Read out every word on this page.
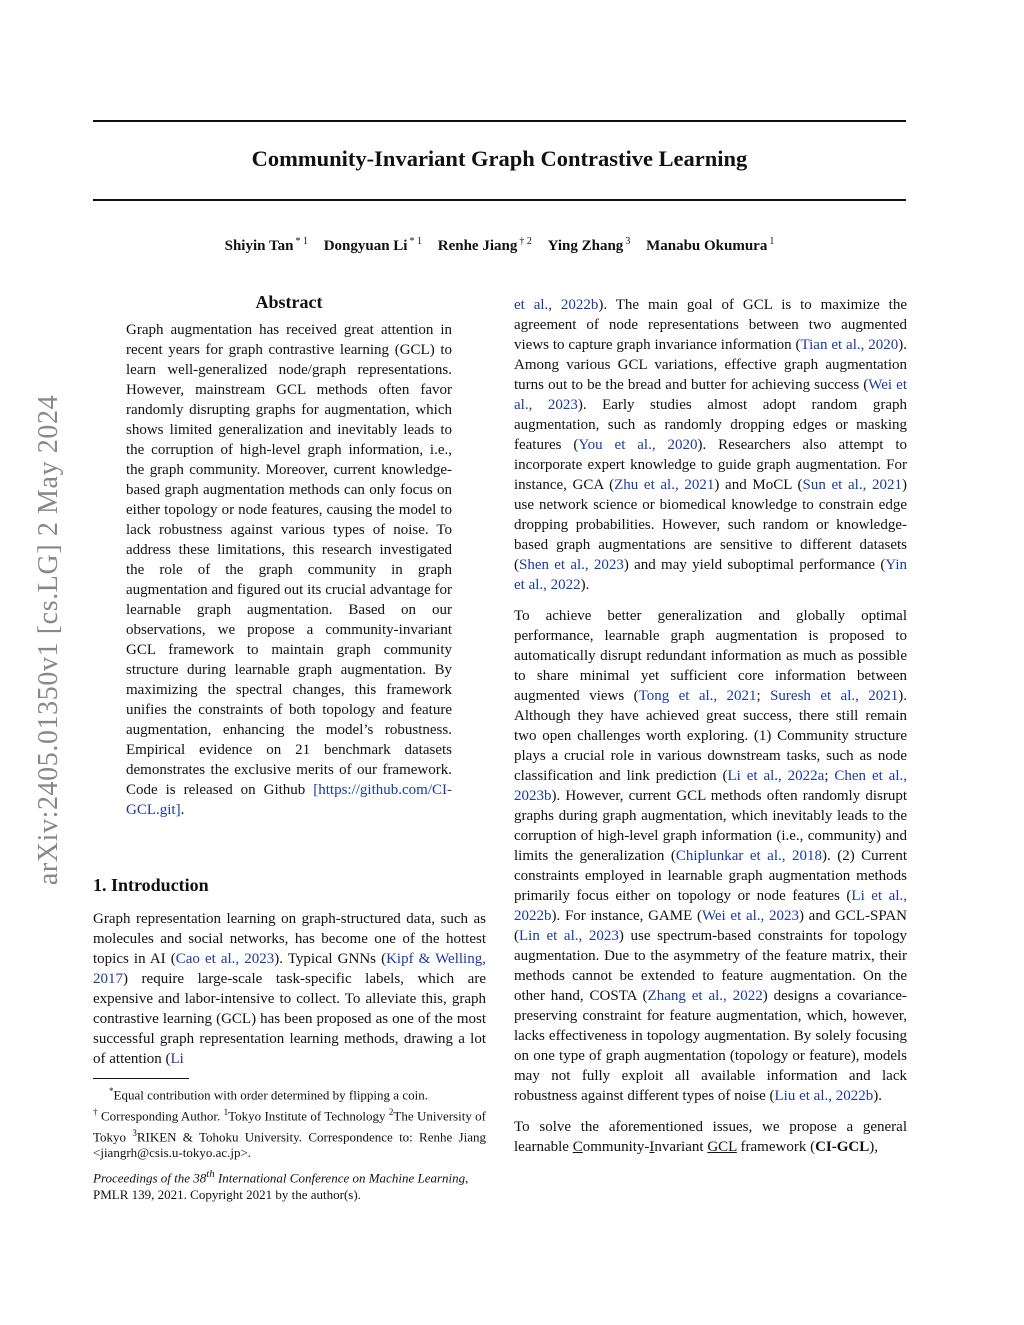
Community-Invariant Graph Contrastive Learning
Shiyin Tan $^{* 1}$ Dongyuan Li $^{* 1}$ Renhe Jiang $^{\dagger 2}$ Ying Zhang $^3$ Manabu Okumura $^1$
arXiv:2405.01350v1 [cs.LG] 2 May 2024
Abstract

Graph augmentation has received great attention in recent years for graph contrastive learning (GCL) to learn well-generalized node/graph representations. However, mainstream GCL methods often favor randomly disrupting graphs for augmentation, which shows limited generalization and inevitably leads to the corruption of high-level graph information, i.e., the graph community. Moreover, current knowledge-based graph augmentation methods can only focus on either topology or node features, causing the model to lack robustness against various types of noise. To address these limitations, this research investigated the role of the graph community in graph augmentation and figured out its crucial advantage for learnable graph augmentation. Based on our observations, we propose a community-invariant GCL framework to maintain graph community structure during learnable graph augmentation. By maximizing the spectral changes, this framework unifies the constraints of both topology and feature augmentation, enhancing the model’s robustness. Empirical evidence on 21 benchmark datasets demonstrates the exclusive merits of our framework. Code is released on Github [https://github.com/CI-GCL.git].

1. Introduction

Graph representation learning on graph-structured data, such as molecules and social networks, has become one of the hottest topics in AI (Cao et al., 2023). Typical GNNs (Kipf & Welling, 2017) require large-scale task-specific labels, which are expensive and labor-intensive to collect. To alleviate this, graph contrastive learning (GCL) has been proposed as one of the most successful graph representation learning methods, drawing a lot of attention (Li

*Equal contribution with order determined by flipping a coin.

† Corresponding Author. $^1$Tokyo Institute of Technology $^2$The University of Tokyo $^3$RIKEN & Tohoku University. Correspondence to: Renhe Jiang <jiangrh@csis.u-tokyo.ac.jp>.

Proceedings of the 38th International Conference on Machine Learning, PMLR 139, 2021. Copyright 2021 by the author(s).

et al., 2022b). The main goal of GCL is to maximize the agreement of node representations between two augmented views to capture graph invariance information (Tian et al., 2020). Among various GCL variations, effective graph augmentation turns out to be the bread and butter for achieving success (Wei et al., 2023). Early studies almost adopt random graph augmentation, such as randomly dropping edges or masking features (You et al., 2020). Researchers also attempt to incorporate expert knowledge to guide graph augmentation. For instance, GCA (Zhu et al., 2021) and MoCL (Sun et al., 2021) use network science or biomedical knowledge to constrain edge dropping probabilities. However, such random or knowledge-based graph augmentations are sensitive to different datasets (Shen et al., 2023) and may yield suboptimal performance (Yin et al., 2022).

To achieve better generalization and globally optimal performance, learnable graph augmentation is proposed to automatically disrupt redundant information as much as possible to share minimal yet sufficient core information between augmented views (Tong et al., 2021; Suresh et al., 2021). Although they have achieved great success, there still remain two open challenges worth exploring. (1) Community structure plays a crucial role in various downstream tasks, such as node classification and link prediction (Li et al., 2022a; Chen et al., 2023b). However, current GCL methods often randomly disrupt graphs during graph augmentation, which inevitably leads to the corruption of high-level graph information (i.e., community) and limits the generalization (Chiplunkar et al., 2018). (2) Current constraints employed in learnable graph augmentation methods primarily focus either on topology or node features (Li et al., 2022b). For instance, GAME (Wei et al., 2023) and GCL-SPAN (Lin et al., 2023) use spectrum-based constraints for topology augmentation. Due to the asymmetry of the feature matrix, their methods cannot be extended to feature augmentation. On the other hand, COSTA (Zhang et al., 2022) designs a covariance-preserving constraint for feature augmentation, which, however, lacks effectiveness in topology augmentation. By solely focusing on one type of graph augmentation (topology or feature), models may not fully exploit all available information and lack robustness against different types of noise (Liu et al., 2022b).

To solve the aforementioned issues, we propose a general learnable Community-Invariant GCL framework (CI-GCL),
